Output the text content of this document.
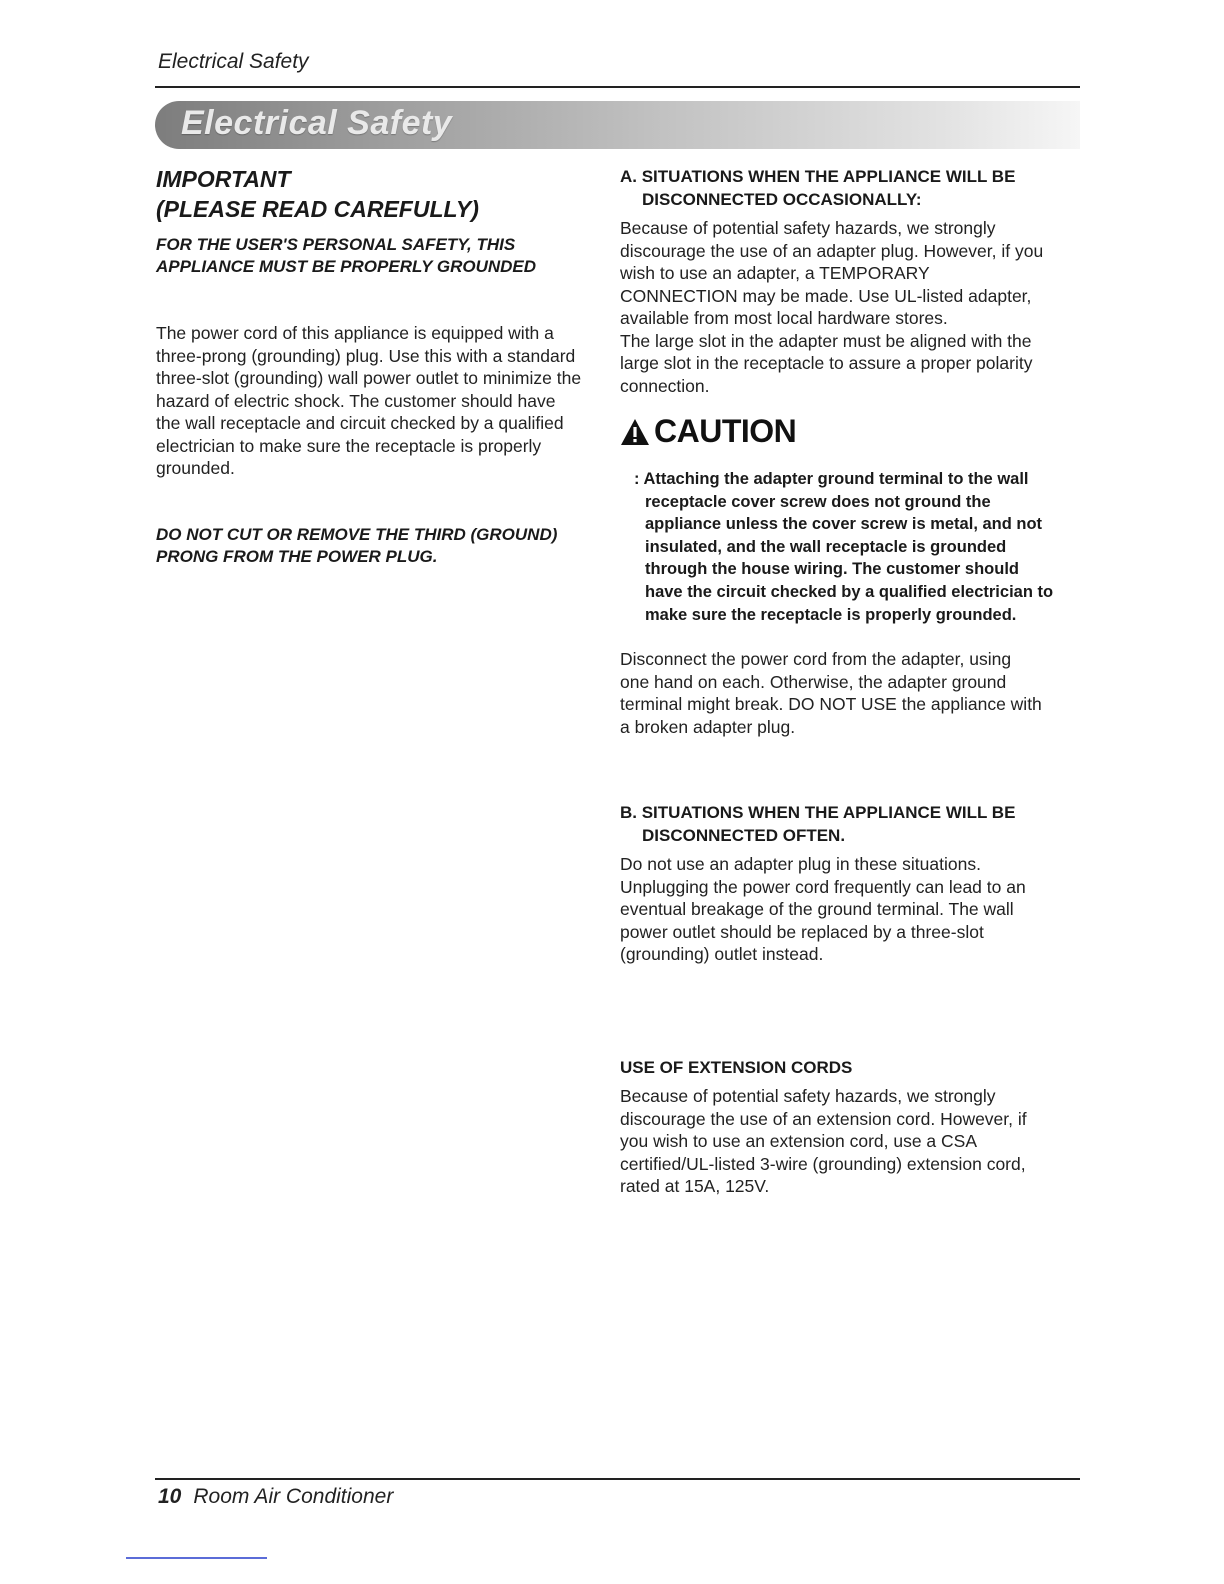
Electrical Safety
Electrical Safety
IMPORTANT
(PLEASE READ CAREFULLY)

FOR THE USER'S PERSONAL SAFETY, THIS
APPLIANCE MUST BE PROPERLY GROUNDED

The power cord of this appliance is equipped with a
three-prong (grounding) plug. Use this with a standard
three-slot (grounding) wall power outlet to minimize the
hazard of electric shock. The customer should have
the wall receptacle and circuit checked by a qualified
electrician to make sure the receptacle is properly
grounded.

DO NOT CUT OR REMOVE THE THIRD (GROUND)
PRONG FROM THE POWER PLUG.

A. SITUATIONS WHEN THE APPLIANCE WILL BE
DISCONNECTED OCCASIONALLY:

Because of potential safety hazards, we strongly
discourage the use of an adapter plug. However, if you
wish to use an adapter, a TEMPORARY
CONNECTION may be made. Use UL-listed adapter,
available from most local hardware stores.
The large slot in the adapter must be aligned with the
large slot in the receptacle to assure a proper polarity
connection.

CAUTION

: Attaching the adapter ground terminal to the wall
receptacle cover screw does not ground the
appliance unless the cover screw is metal, and not
insulated, and the wall receptacle is grounded
through the house wiring. The customer should
have the circuit checked by a qualified electrician to
make sure the receptacle is properly grounded.

Disconnect the power cord from the adapter, using
one hand on each. Otherwise, the adapter ground
terminal might break. DO NOT USE the appliance with
a broken adapter plug.

B. SITUATIONS WHEN THE APPLIANCE WILL BE
DISCONNECTED OFTEN.

Do not use an adapter plug in these situations.
Unplugging the power cord frequently can lead to an
eventual breakage of the ground terminal. The wall
power outlet should be replaced by a three-slot
(grounding) outlet instead.

USE OF EXTENSION CORDS

Because of potential safety hazards, we strongly
discourage the use of an extension cord. However, if
you wish to use an extension cord, use a CSA
certified/UL-listed 3-wire (grounding) extension cord,
rated at 15A, 125V.

10 Room Air Conditioner
